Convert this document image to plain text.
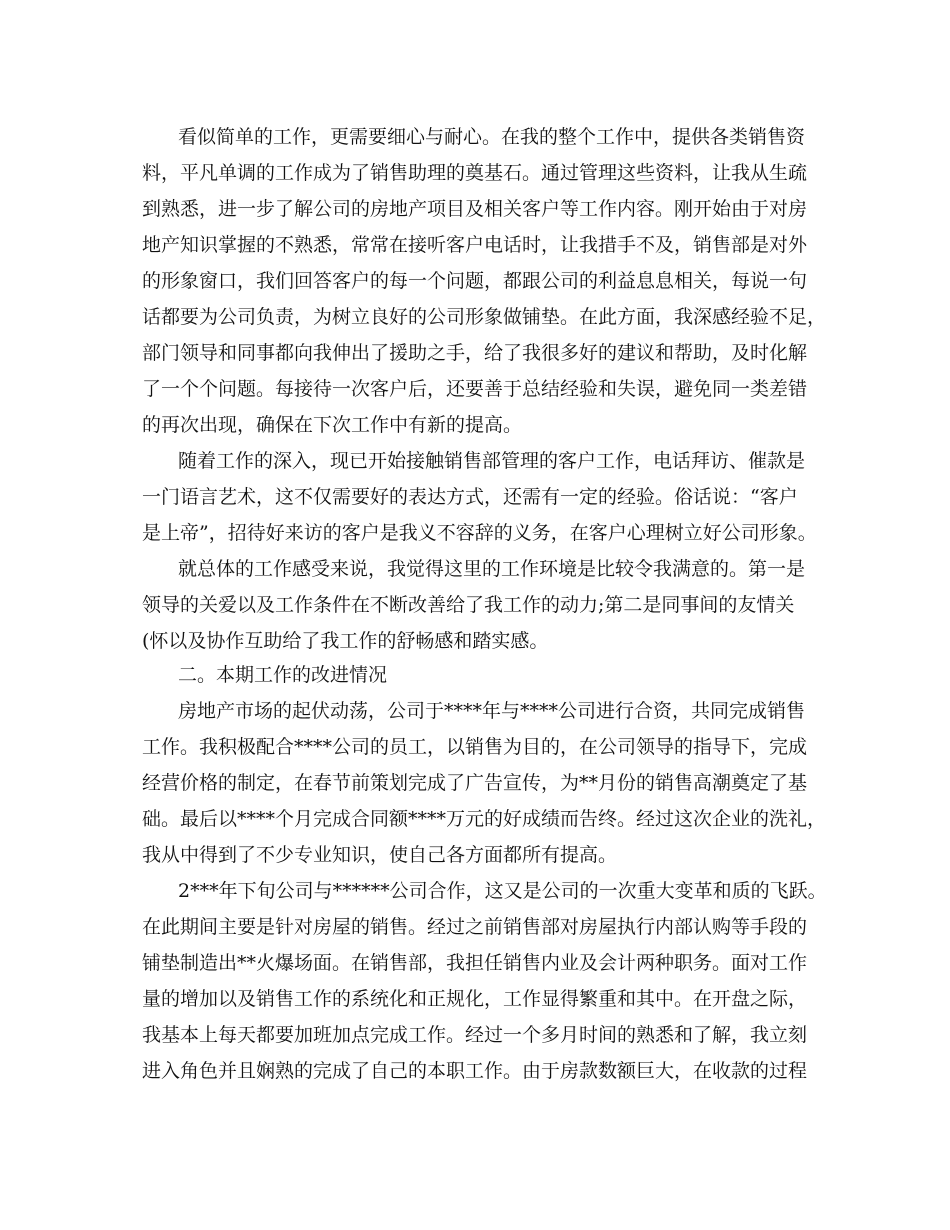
看似简单的工作，更需要细心与耐心。在我的整个工作中，提供各类销售资
料，平凡单调的工作成为了销售助理的奠基石。通过管理这些资料，让我从生疏
到熟悉，进一步了解公司的房地产项目及相关客户等工作内容。刚开始由于对房
地产知识掌握的不熟悉，常常在接听客户电话时，让我措手不及，销售部是对外
的形象窗口，我们回答客户的每一个问题，都跟公司的利益息息相关，每说一句
话都要为公司负责，为树立良好的公司形象做铺垫。在此方面，我深感经验不足，
部门领导和同事都向我伸出了援助之手，给了我很多好的建议和帮助，及时化解
了一个个问题。每接待一次客户后，还要善于总结经验和失误，避免同一类差错
的再次出现，确保在下次工作中有新的提高。
随着工作的深入，现已开始接触销售部管理的客户工作，电话拜访、催款是
一门语言艺术，这不仅需要好的表达方式，还需有一定的经验。俗话说：“客户
是上帝”，招待好来访的客户是我义不容辞的义务，在客户心理树立好公司形象。
就总体的工作感受来说，我觉得这里的工作环境是比较令我满意的。第一是
领导的关爱以及工作条件在不断改善给了我工作的动力;第二是同事间的友情关
(怀以及协作互助给了我工作的舒畅感和踏实感。
二。本期工作的改进情况
房地产市场的起伏动荡，公司于****年与****公司进行合资，共同完成销售
工作。我积极配合****公司的员工，以销售为目的，在公司领导的指导下，完成
经营价格的制定，在春节前策划完成了广告宣传，为**月份的销售高潮奠定了基
础。最后以****个月完成合同额****万元的好成绩而告终。经过这次企业的洗礼，
我从中得到了不少专业知识，使自己各方面都所有提高。
2***年下旬公司与******公司合作，这又是公司的一次重大变革和质的飞跃。
在此期间主要是针对房屋的销售。经过之前销售部对房屋执行内部认购等手段的
铺垫制造出**火爆场面。在销售部，我担任销售内业及会计两种职务。面对工作
量的增加以及销售工作的系统化和正规化，工作显得繁重和其中。在开盘之际，
我基本上每天都要加班加点完成工作。经过一个多月时间的熟悉和了解，我立刻
进入角色并且娴熟的完成了自己的本职工作。由于房款数额巨大，在收款的过程
